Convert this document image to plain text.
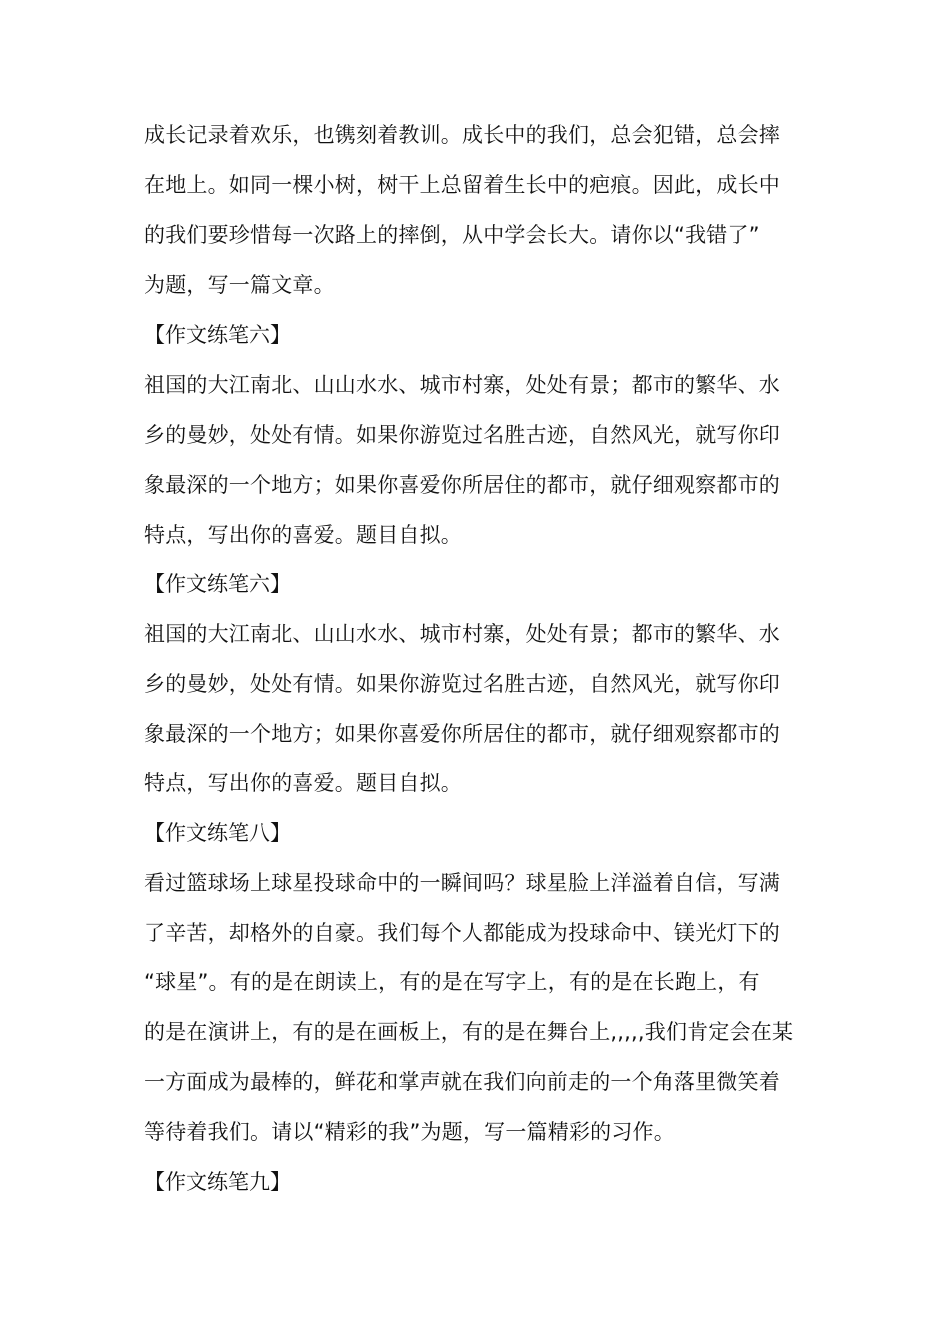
成长记录着欢乐，也镌刻着教训。成长中的我们，总会犯错，总会摔
在地上。如同一棵小树，树干上总留着生长中的疤痕。因此，成长中
的我们要珍惜每一次路上的摔倒，从中学会长大。请你以“我错了”
为题，写一篇文章。
【作文练笔六】
祖国的大江南北、山山水水、城市村寨，处处有景；都市的繁华、水
乡的曼妙，处处有情。如果你游览过名胜古迹，自然风光，就写你印
象最深的一个地方；如果你喜爱你所居住的都市，就仔细观察都市的
特点，写出你的喜爱。题目自拟。
【作文练笔六】
祖国的大江南北、山山水水、城市村寨，处处有景；都市的繁华、水
乡的曼妙，处处有情。如果你游览过名胜古迹，自然风光，就写你印
象最深的一个地方；如果你喜爱你所居住的都市，就仔细观察都市的
特点，写出你的喜爱。题目自拟。
【作文练笔八】
看过篮球场上球星投球命中的一瞬间吗？球星脸上洋溢着自信，写满
了辛苦，却格外的自豪。我们每个人都能成为投球命中、镁光灯下的
“球星”。有的是在朗读上，有的是在写字上，有的是在长跑上，有
的是在演讲上，有的是在画板上，有的是在舞台上,,,,,我们肯定会在某
一方面成为最棒的，鲜花和掌声就在我们向前走的一个角落里微笑着
等待着我们。请以“精彩的我”为题，写一篇精彩的习作。
【作文练笔九】
